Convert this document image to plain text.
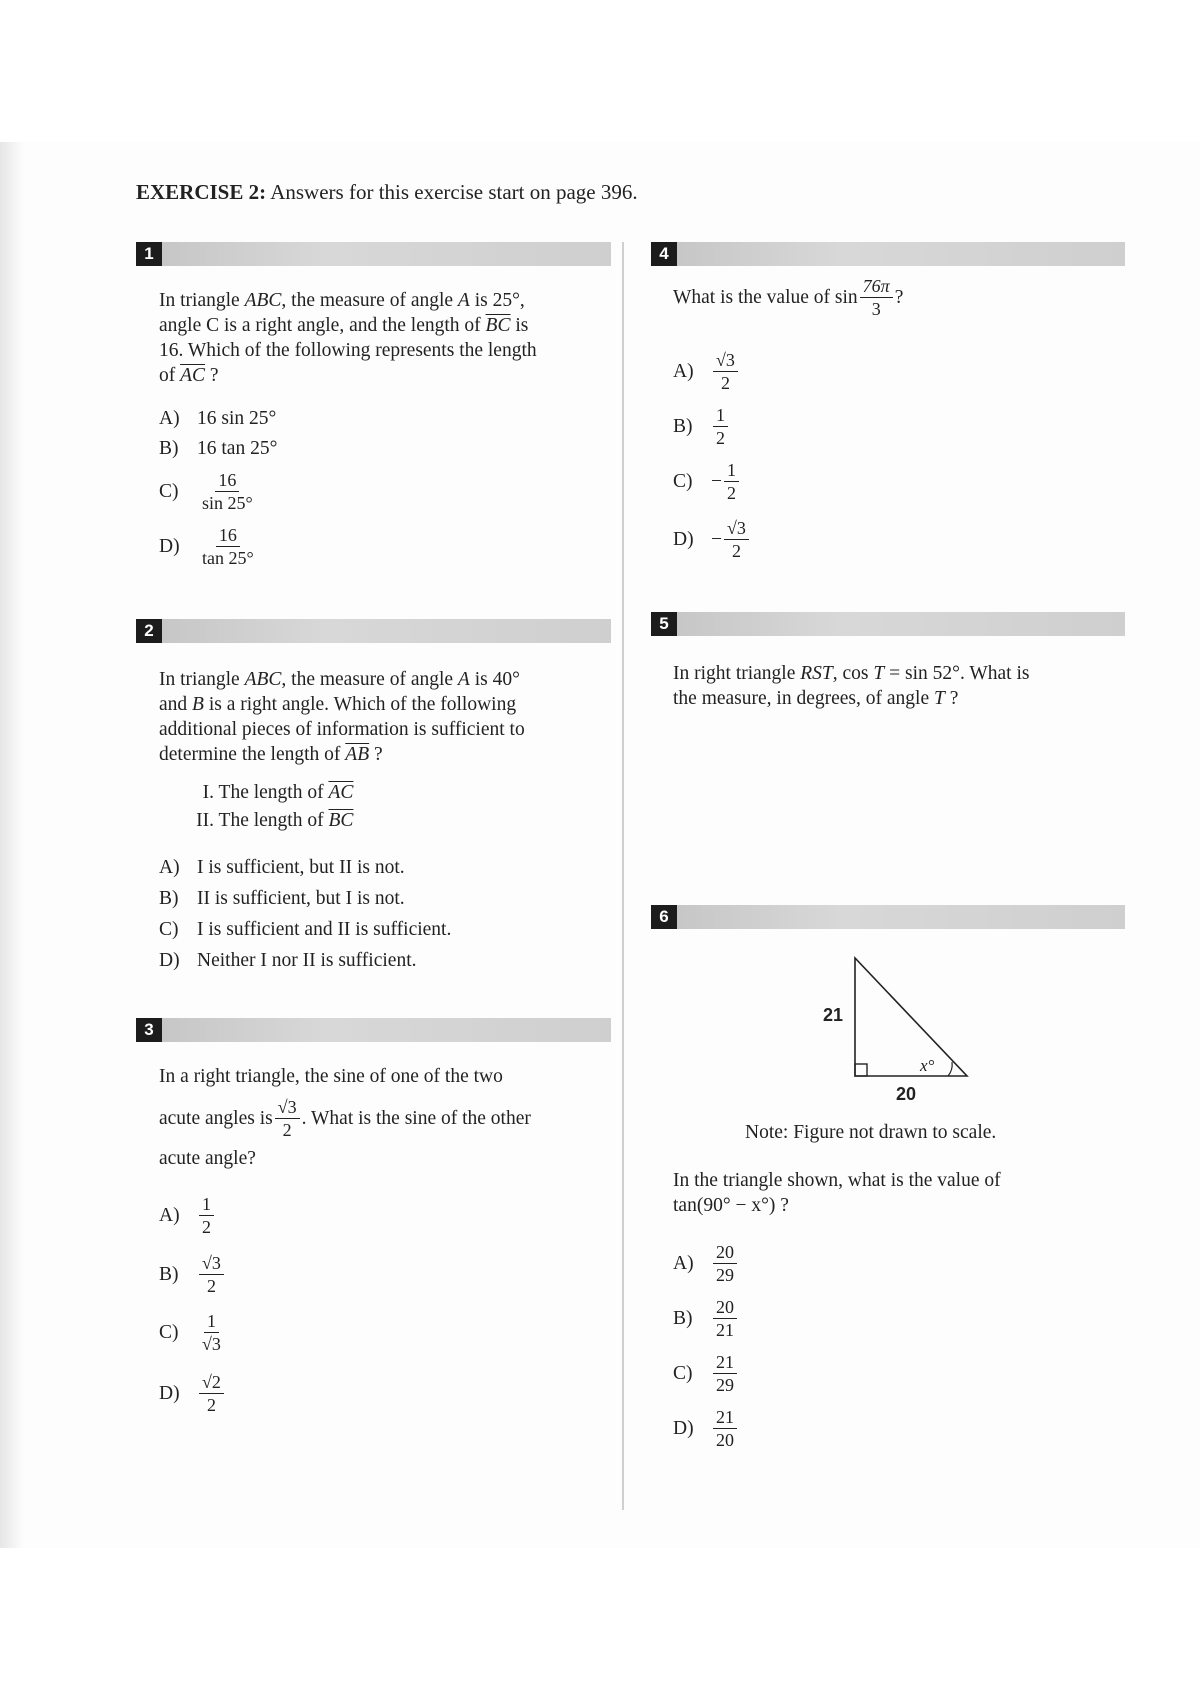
EXERCISE 2: Answers for this exercise start on page 396.
1
In triangle ABC, the measure of angle A is 25°,
angle C is a right angle, and the length of $\overline{BC}$ is
16. Which of the following represents the length
of $\overline{AC}$ ?
A) 16 sin 25°
B) 16 tan 25°
C)	$\frac{16}{\sin 25^\circ}$
D)	$\frac{16}{\tan 25^\circ}$
2
In triangle ABC, the measure of angle A is 40°
and B is a right angle. Which of the following
additional pieces of information is sufficient to
determine the length of $\overline{AB}$ ?
I. The length of $\overline{AC}$
II. The length of $\overline{BC}$
A) I is sufficient, but II is not.
B) II is sufficient, but I is not.
C) I is sufficient and II is sufficient.
D) Neither I nor II is sufficient.
3
In a right triangle, the sine of one of the two
acute angles is $\frac{√3}{2}$ . What is the sine of the other
acute angle?
A)	$\frac{1}{2}$
B)	$\frac{√3}{2}$
C)	$\frac{1}{√3}$
D)	$\frac{√2}{2}$
4
What is the value of $\sin \frac{76\pi}{3}$ ?
A)	$\frac{√3}{2}$
B)	$\frac{1}{2}$
$C) - \frac{1}{2}$
$D) - \frac{√3}{2}$
5
In right triangle RST, cos T = sin 52°. What is
the measure, in degrees, of angle T ?
6
21
20
x°
Note: Figure not drawn to scale.
In the triangle shown, what is the value of
tan(90° − x°) ?
A)	$\frac{20}{29}$
B)	$\frac{20}{21}$
C)	$\frac{21}{29}$
D)	$\frac{21}{20}$
